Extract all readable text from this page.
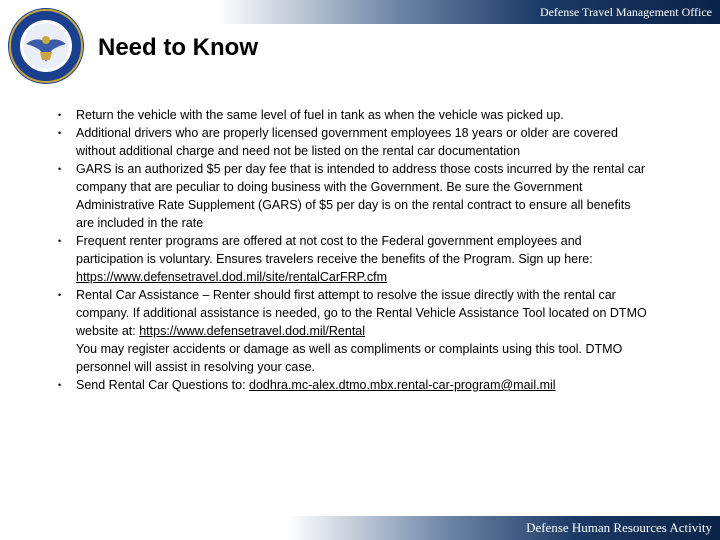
Defense Travel Management Office
Need to Know
•
•
•
•
•
•

Return the vehicle with the same level of fuel in tank as when the vehicle was picked up.

Additional drivers who are properly licensed government employees 18 years or older are covered without additional charge and need not be listed on the rental car documentation

GARS is an authorized $5 per day fee that is intended to address those costs incurred by the rental car company that are peculiar to doing business with the Government. Be sure the Government Administrative Rate Supplement (GARS) of $5 per day is on the rental contract to ensure all benefits are included in the rate

Frequent renter programs are offered at not cost to the Federal government employees and participation is voluntary. Ensures travelers receive the benefits of the Program. Sign up here: https://www.defensetravel.dod.mil/site/rentalCarFRP.cfm

Rental Car Assistance – Renter should first attempt to resolve the issue directly with the rental car company. If additional assistance is needed, go to the Rental Vehicle Assistance Tool located on DTMO website at: https://www.defensetravel.dod.mil/Rental

You may register accidents or damage as well as compliments or complaints using this tool. DTMO personnel will assist in resolving your case.

Send Rental Car Questions to: dodhra.mc-alex.dtmo.mbx.rental-car-program@mail.mil

Defense Human Resources Activity
